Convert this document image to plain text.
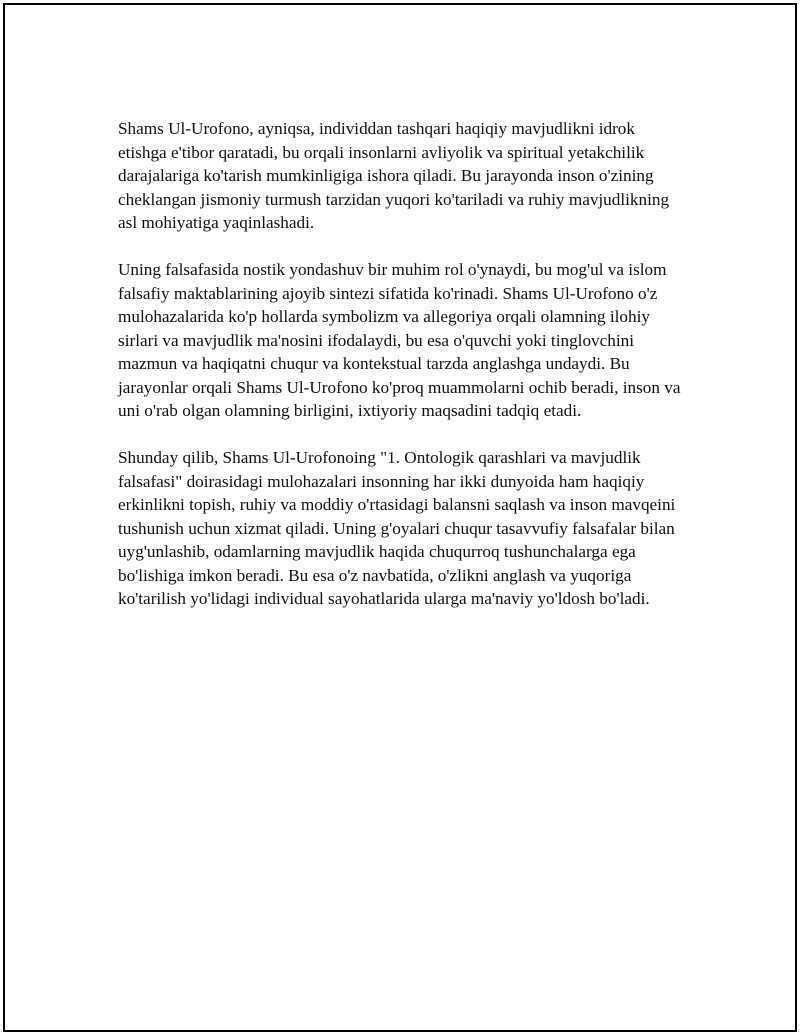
Shams Ul-Urofono, ayniqsa, individdan tashqari haqiqiy mavjudlikni idrok etishga e'tibor qaratadi, bu orqali insonlarni avliyolik va spiritual yetakchilik darajalariga ko'tarish mumkinligiga ishora qiladi. Bu jarayonda inson o'zining cheklangan jismoniy turmush tarzidan yuqori ko'tariladi va ruhiy mavjudlikning asl mohiyatiga yaqinlashadi.

Uning falsafasida nostik yondashuv bir muhim rol o'ynaydi, bu mog'ul va islom falsafiy maktablarining ajoyib sintezi sifatida ko'rinadi. Shams Ul-Urofono o'z mulohazalarida ko'p hollarda symbolizm va allegoriya orqali olamning ilohiy sirlari va mavjudlik ma'nosini ifodalaydi, bu esa o'quvchi yoki tinglovchini mazmun va haqiqatni chuqur va kontekstual tarzda anglashga undaydi. Bu jarayonlar orqali Shams Ul-Urofono ko'proq muammolarni ochib beradi, inson va uni o'rab olgan olamning birligini, ixtiyoriy maqsadini tadqiq etadi.

Shunday qilib, Shams Ul-Urofonoing "1. Ontologik qarashlari va mavjudlik falsafasi" doirasidagi mulohazalari insonning har ikki dunyoida ham haqiqiy erkinlikni topish, ruhiy va moddiy o'rtasidagi balansni saqlash va inson mavqeini tushunish uchun xizmat qiladi. Uning g'oyalari chuqur tasavvufiy falsafalar bilan uyg'unlashib, odamlarning mavjudlik haqida chuqurroq tushunchalarga ega bo'lishiga imkon beradi. Bu esa o'z navbatida, o'zlikni anglash va yuqoriga ko'tarilish yo'lidagi individual sayohatlarida ularga ma'naviy yo'ldosh bo'ladi.
